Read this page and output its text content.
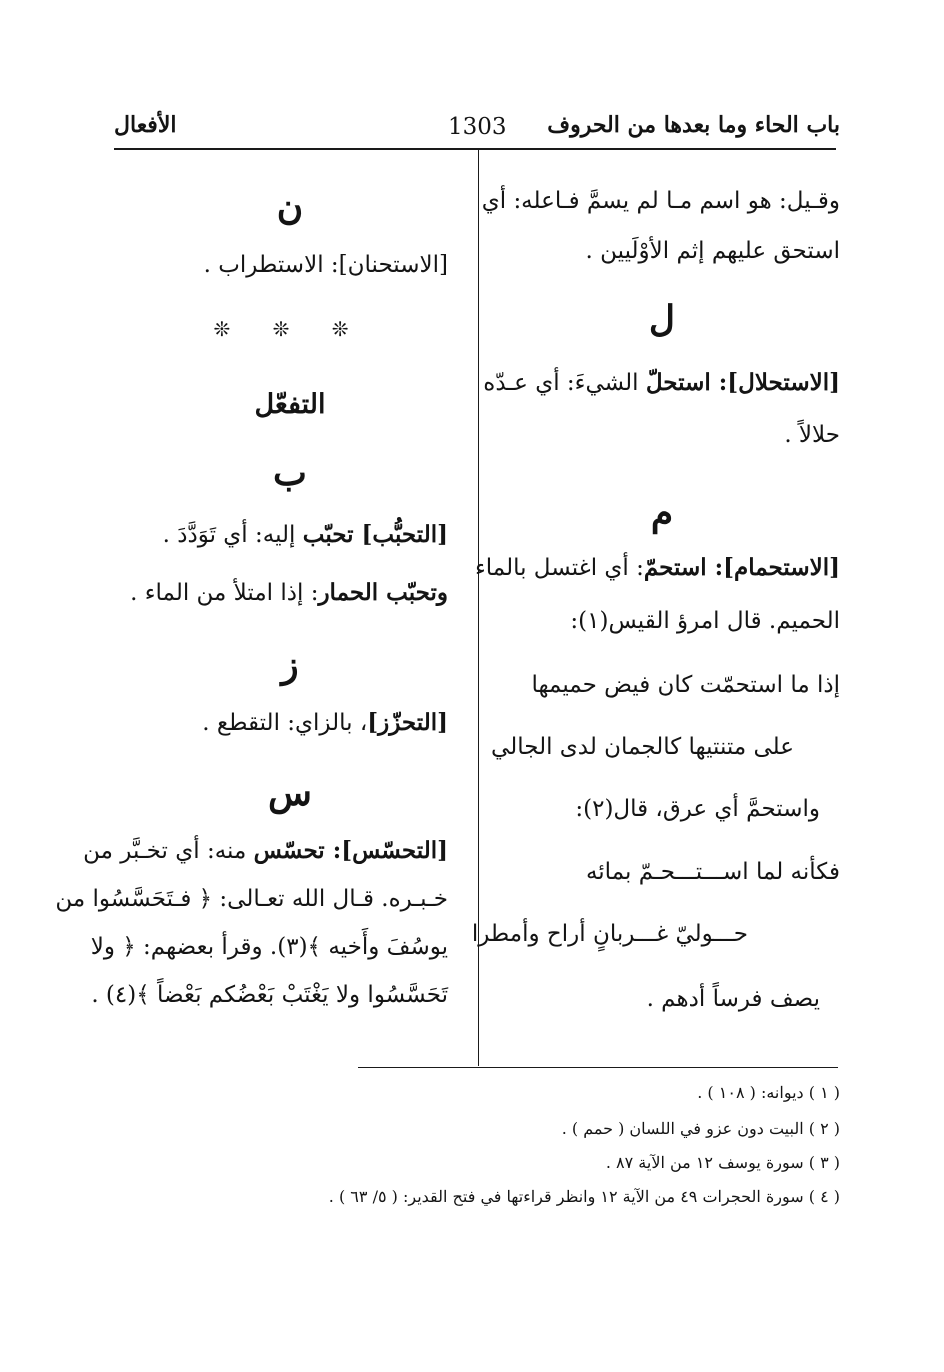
باب الحاء وما بعدها من الحروف
1303
الأفعال
وقـيل: هو اسم مـا لم يسمَّ فـاعله: أي
استحق عليهم إثم الأوْلَيين .
ل
[الاستحلال]: استحلّ الشيءَ: أي عـدّه
حلالاً .
م
[الاستحمام]: استحمّ: أي اغتسل بالماء
الحميم. قال امرؤ القيس(١):
إذا ما استحمّت كان فيض حميمها
على متنتيها كالجمان لدى الجالي
واستحمَّ أي عرق، قال(٢):
فكأنه لما اســـتـــحـمّ بمائه
حـــوليّ غـــربانٍ أراح وأمطرا
يصف فرساً أدهم .
ن
[الاستحنان]: الاستطراب .
❊ ❊ ❊
التفعّل
ب
[التحبُّب] تحبّب إليه: أي تَوَدَّدَ .
وتحبّب الحمار: إذا امتلأ من الماء .
ز
[التحزّز]، بالزاي: التقطع .
س
[التحسّس]: تحسّس منه: أي تخـبَّر من
خـبـره. قـال الله تعـالى: ﴿ فـتَحَسَّسُوا من
يوسُفَ وأَخيه ﴾(٣). وقرأ بعضهم: ﴿ ولا
تَحَسَّسُوا ولا يَغْتَبْ بَعْضُكم بَعْضاً ﴾(٤) .
( ١ ) ديوانه: ( ١٠٨ ) .
( ٢ ) البيت دون عزو في اللسان ( حمم ) .
( ٣ ) سورة يوسف ١٢ من الآية ٨٧ .
( ٤ ) سورة الحجرات ٤٩ من الآية ١٢ وانظر قراءتها في فتح القدير: ( ٥/ ٦٣ ) .
